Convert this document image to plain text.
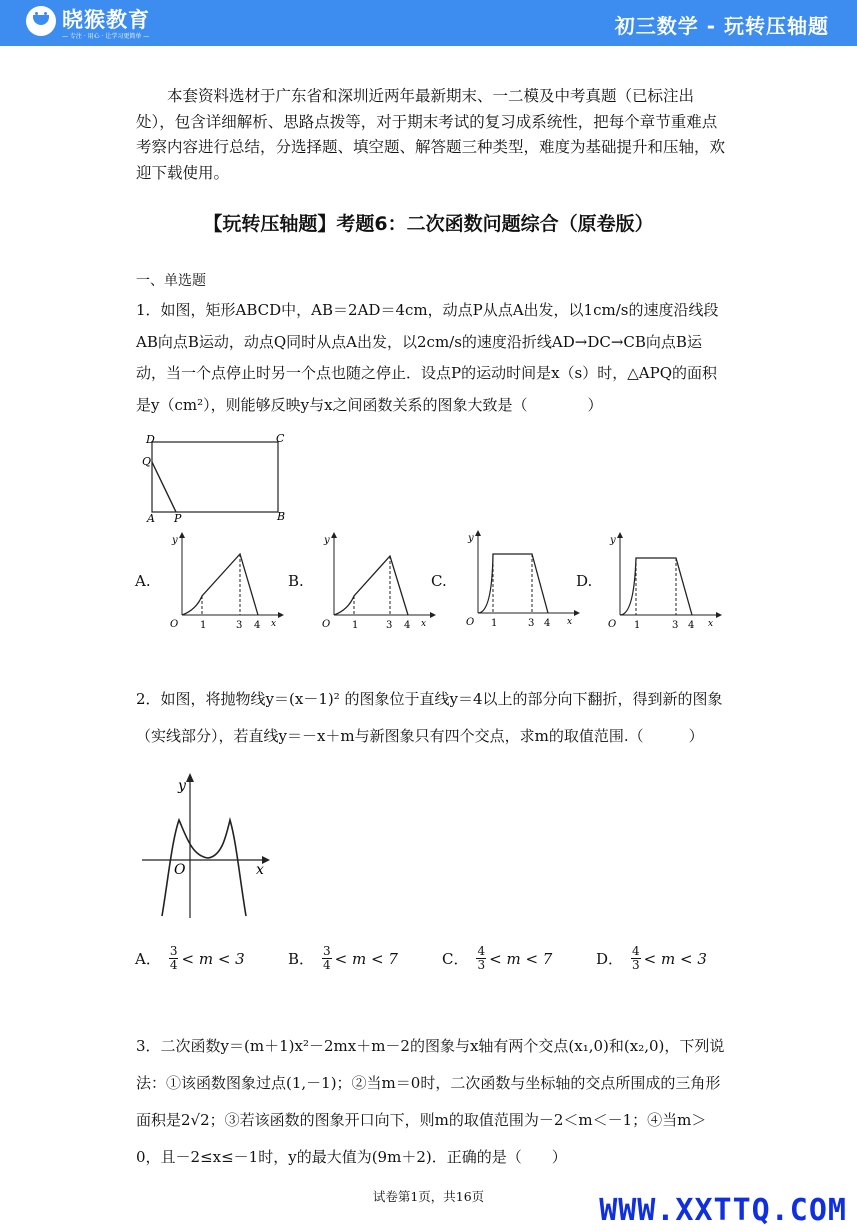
晓猴教育
— 专注 · 用心 · 让学习更简单 —	初三数学 - 玩转压轴题
本套资料选材于广东省和深圳近两年最新期末、一二模及中考真题（已标注出处），包含详细解析、思路点拨等，对于期末考试的复习成系统性，把每个章节重难点考察内容进行总结，分选择题、填空题、解答题三种类型，难度为基础提升和压轴，欢迎下载使用。
【玩转压轴题】考题6：二次函数问题综合（原卷版）
一、单选题
1．如图，矩形ABCD中，AB＝2AD＝4cm，动点P从点A出发，以1cm/s的速度沿线段AB向点B运动，动点Q同时从点A出发，以2cm/s的速度沿折线AD→DC→CB向点B运动，当一个点停止时另一个点也随之停止．设点P的运动时间是x（s）时，△APQ的面积是y（cm²），则能够反映y与x之间函数关系的图象大致是（　　　　）
D	C
Q
A P	B
A.	B.	C.	D.
y
O 1	3 4 x
y
O 1	3 4 x
y
O 1	3 4 x
y
O 1	3 4 x
2．如图，将抛物线y＝(x－1)² 的图象位于直线y＝4以上的部分向下翻折，得到新的图象（实线部分），若直线y＝－x＋m与新图象只有四个交点，求m的取值范围.（　　　）
y
O	x
A． $\frac{3}{4} < m < 3$	B． $\frac{3}{4} < m < 7$	C． $\frac{4}{3} < m < 7$	D． $\frac{4}{3} < m < 3$
3．二次函数y＝(m＋1)x²－2mx＋m－2的图象与x轴有两个交点(x₁,0)和(x₂,0)，下列说法：①该函数图象过点(1,－1)；②当m＝0时，二次函数与坐标轴的交点所围成的三角形面积是2√2；③若该函数的图象开口向下，则m的取值范围为－2＜m＜－1；④当m＞0，且－2≤x≤－1时，y的最大值为(9m＋2)．正确的是（　　）
试卷第1页，共16页	WWW.XXTTQ.COM
